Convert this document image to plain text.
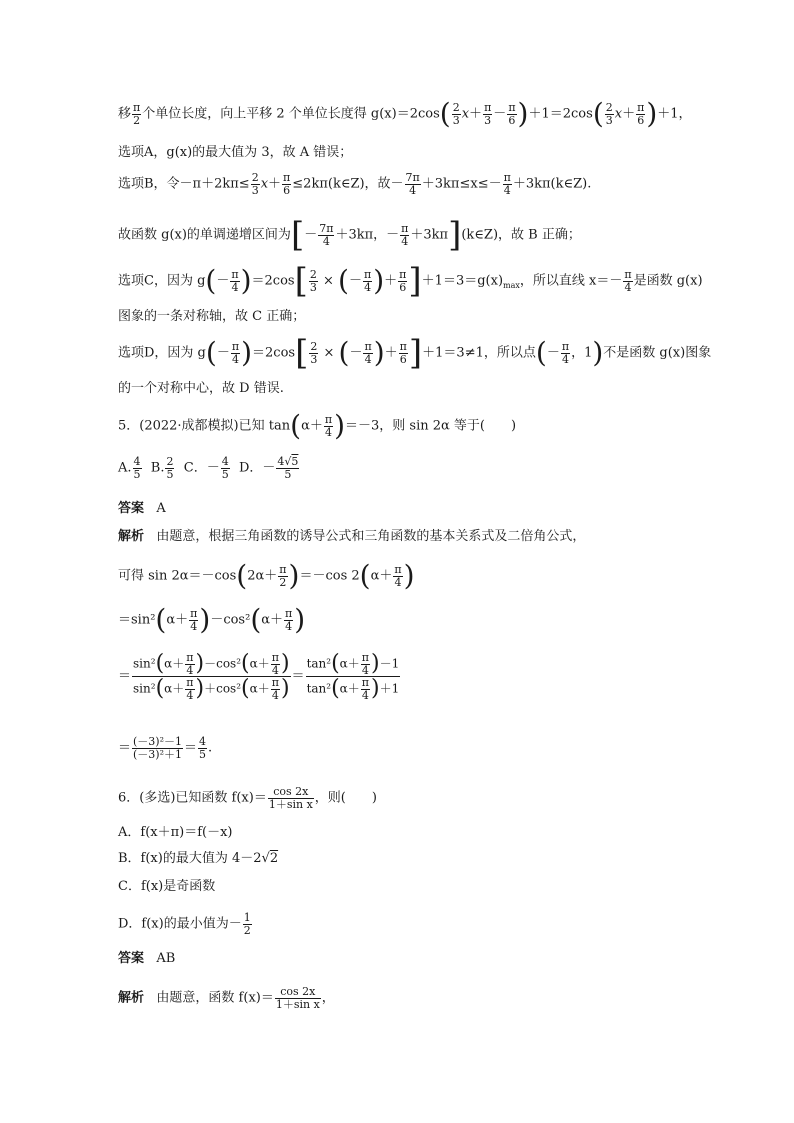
移 $\frac{\pi}{2}$ 个单位长度，向上平移 2 个单位长度得 $g(x)=2\cos( \frac{2}{3} x+ \frac{\pi}{3} - \frac{\pi}{6} )+1=2\cos( \frac{2}{3} x+ \frac{\pi}{6} )+1$，
选项A，g(x)的最大值为 3，故 A 错误；
选项B，令$-\pi+2k\pi\le \frac{2}{3} x+ \frac{\pi}{6}$ ≤2kπ(k∈Z)，故－ $\frac{7\pi}{4} +3k\pi\le x\le- \frac{\pi}{4}$ ＋3kπ(k∈Z).
故函数 g(x)的单调递增区间为[－ $\frac{7\pi}{4} +3k\pi$，－ $\frac{\pi}{4}$ ＋3kπ](k∈Z)，故 B 正确；
选项C，因为 $g(- \frac{\pi}{4} )=2\cos[ \frac{2}{3}$ × (－ $\frac{\pi}{4}$ )＋ $\frac{\pi}{6} ]+1=3=g(x)_{max}$，所以直线 $x=- \frac{\pi}{4}$ 是函数 g(x)
图象的一条对称轴，故 C 正确；
选项D，因为 $g(- \frac{\pi}{4} )=2\cos[ \frac{2}{3}$ × (－ $\frac{\pi}{4}$ )＋ $\frac{\pi}{6} ]+1=3\ne 1$，所以点(－ $\frac{\pi}{4}$ ，1)不是函数 g(x)图象
的一个对称中心，故 D 错误.
5．(2022·成都模拟)已知 $\tan(\alpha+ \frac{\pi}{4} )=-3$，则 sin 2α 等于(　　)
A. $\frac{4}{5} B$. $\frac{2}{5}$ C．－ $\frac{4}{5}$ D．－ $\frac{4√5}{5}$
答案 A
解析 由题意，根据三角函数的诱导公式和三角函数的基本关系式及二倍角公式，
可得 $\sin 2\alpha=-\cos(2\alpha+ \frac{\pi}{2} )=-\cos$ $2(\alpha+ \frac{\pi}{4}$ )
$=\sin^2(\alpha+ \frac{\pi}{4} )-\cos^2(\alpha+ \frac{\pi}{4}$ )
＝ $\frac{\sin^2(\alpha+ \frac{\pi}{4} )-\cos^2(\alpha+ \frac{\pi}{4} )}{\sin^2(\alpha+ \frac{\pi}{4} )+\cos^2(\alpha+ \frac{\pi}{4} )} = \frac{\tan^2(\alpha+ \frac{\pi}{4} )-1}{\tan^2(\alpha+ \frac{\pi}{4} )+1}$
＝ $\frac{\text{(－3)²－1}}{\text{(－3)²＋1}} = \frac{4}{5}$ .
6．(多选)已知函数 $f(x)= \frac{\cos 2x}{\text{1＋sin x}}$ ，则(　　)
A．f(x＋π)＝f(－x)
B．f(x)的最大值为 4－2√2
C．f(x)是奇函数
D．f(x)的最小值为－ $\frac{1}{2}$
答案 AB
解析 由题意，函数 $f(x)= \frac{\cos 2x}{\text{1＋sin x}}$ ，
